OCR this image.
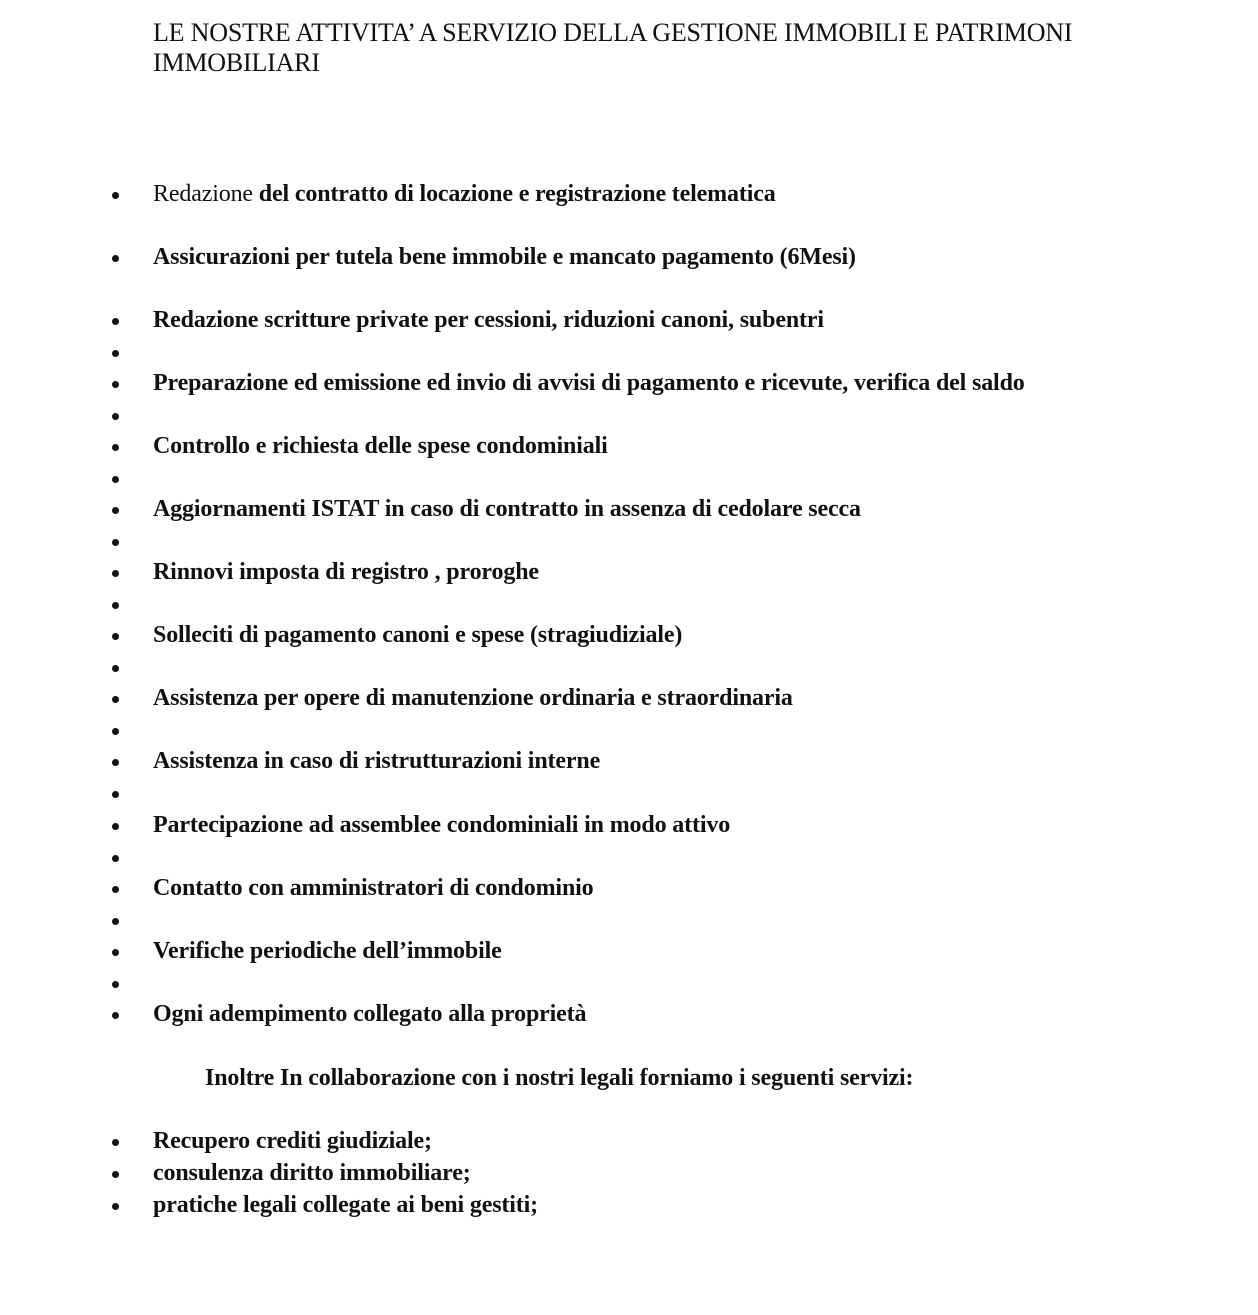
LE NOSTRE ATTIVITA’ A SERVIZIO DELLA GESTIONE IMMOBILI E PATRIMONI IMMOBILIARI
Redazione del contratto di locazione e registrazione telematica
Assicurazioni per tutela bene immobile e mancato pagamento (6Mesi)
Redazione scritture private per cessioni, riduzioni canoni, subentri
Preparazione ed emissione ed invio di avvisi di pagamento e ricevute, verifica del saldo
Controllo e richiesta delle spese condominiali
Aggiornamenti ISTAT in caso di contratto in assenza di cedolare secca
Rinnovi imposta di registro , proroghe
Solleciti di pagamento canoni e spese (stragiudiziale)
Assistenza per opere di manutenzione ordinaria e straordinaria
Assistenza in caso di ristrutturazioni interne
Partecipazione ad assemblee condominiali in modo attivo
Contatto con amministratori di condominio
Verifiche periodiche dell’immobile
Ogni adempimento collegato alla proprietà
Inoltre In collaborazione con i nostri legali forniamo i seguenti servizi:
Recupero crediti giudiziale;
consulenza diritto immobiliare;
pratiche legali collegate ai beni gestiti;
